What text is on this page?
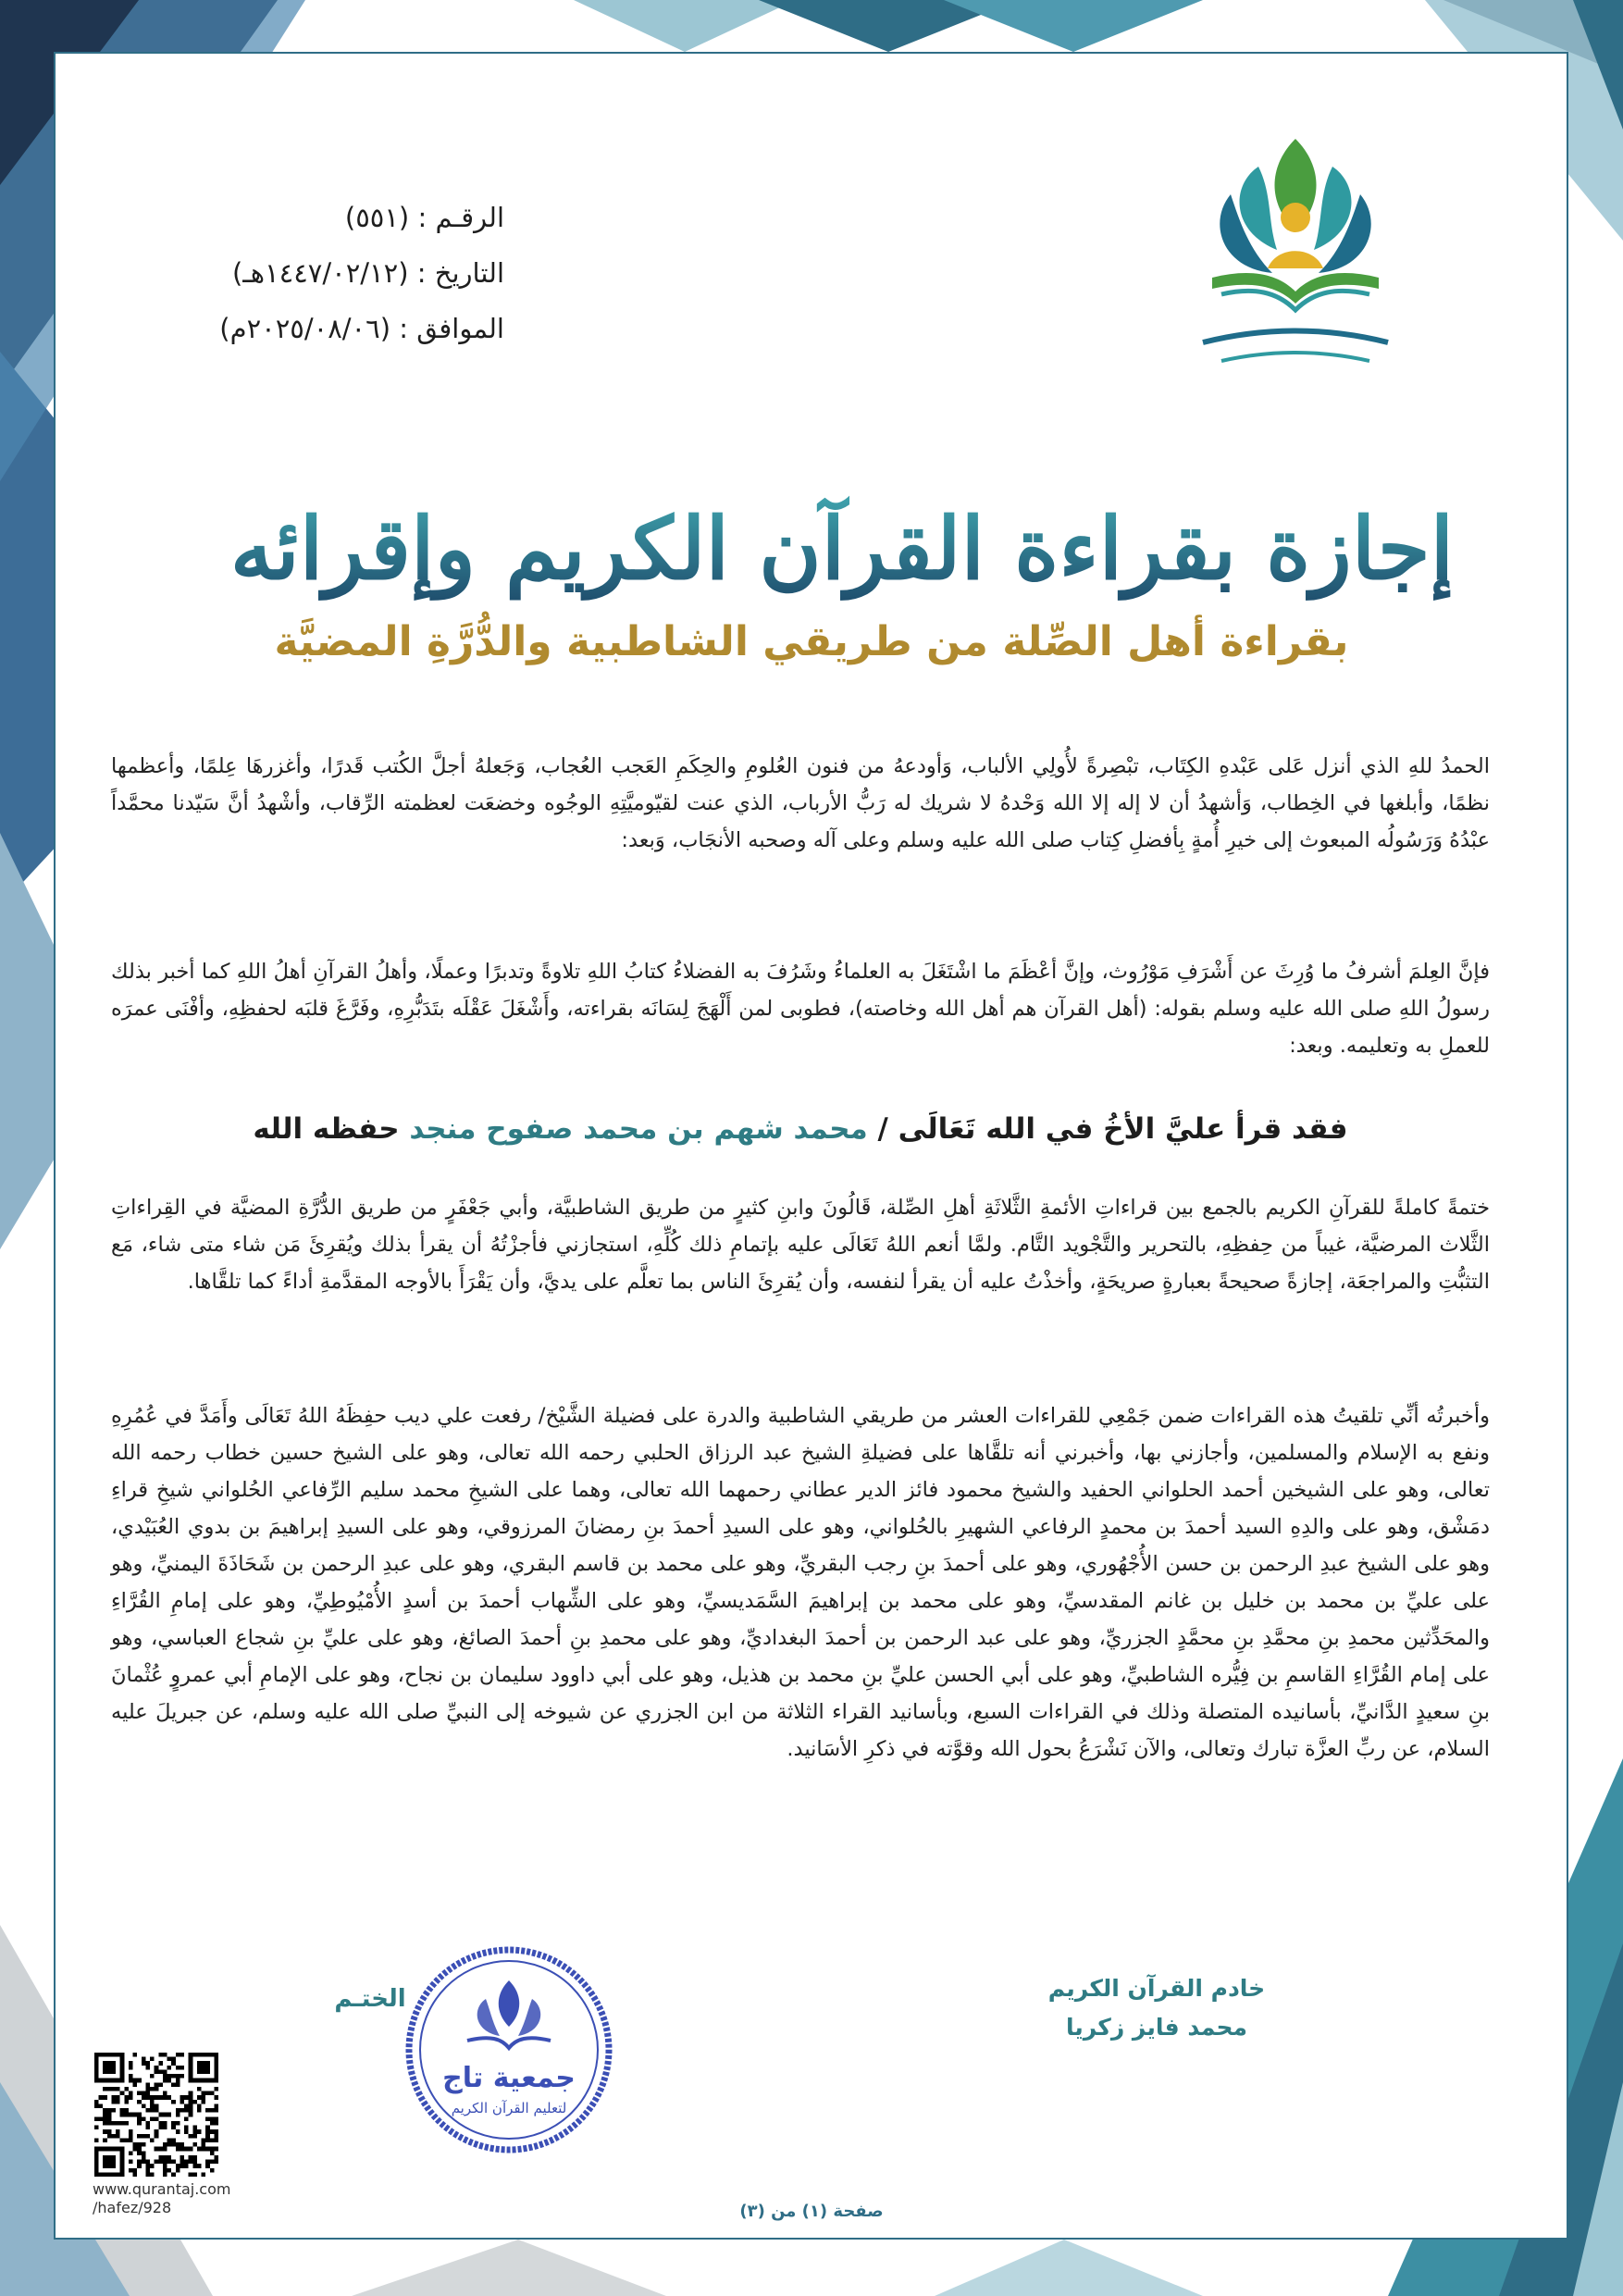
الرقـم : (٥٥١)
التاريخ : (١٤٤٧/٠٢/١٢هـ)
الموافق : (٢٠٢٥/٠٨/٠٦م)
إجازة بقراءة القرآن الكريم وإقرائه
بقراءة أهل الصِّلة من طريقي الشاطبية والدُّرَّةِ المضيَّة
الحمدُ للهِ الذي أنزل عَلى عَبْدهِ الكِتَاب، تبْصِرةً لأُولِي الألباب، وَأودعهُ من فنون العُلومِ والحِكَمِ العَجب العُجاب، وَجَعلهُ أجلَّ الكُتب قَدرًا، وأغزرهَا عِلمًا، وأعظمها نظمًا، وأبلغها في الخِطاب، وَأشهدُ أن لا إله إلا الله وَحْدهُ لا شريك له رَبُّ الأرباب، الذي عنت لقيّوميَّتِهِ الوجُوه وخضعَت لعظمته الرِّقاب، وأشْهدُ أنَّ سَيّدنا محمَّداً عبْدُهُ وَرَسُولُه المبعوث إلى خيرِ أُمةٍ بِأفضلِ كِتاب صلى الله عليه وسلم وعلى آله وصحبه الأنجَاب، وَبعد:
فإنَّ العِلمَ أشرفُ ما وُرِثَ عن أَشْرَفِ مَوْرُوث، وإنَّ أعْظَمَ ما اشْتَغَلَ به العلماءُ وشَرُفَ به الفضلاءُ كتابُ اللهِ تلاوةً وتدبرًا وعملًا، وأهلُ القرآنِ أهلُ اللهِ كما أخبر بذلك رسولُ اللهِ صلى الله عليه وسلم بقوله: (أهل القرآن هم أهل الله وخاصته)، فطوبى لمن أَلْهَجَ لِسَانَه بقراءته، وأَشْغَلَ عَقْلَه بتَدَبُّرِهِ، وفَرَّغَ قلبَه لحفظِهِ، وأفْنَى عمرَه للعملِ به وتعليمه. وبعد:
فقد قرأ عليَّ الأخُ في الله تَعَالَى / محمد شهم بن محمد صفوح منجد حفظه الله
ختمةً كاملةً للقرآنِ الكريم بالجمع بين قراءاتِ الأئمةِ الثَّلاثَةِ أهلِ الصِّلة، قَالُونَ وابنِ كثيرٍ من طريق الشاطبيَّة، وأبي جَعْفَرٍ من طريق الدُّرَّةِ المضيَّة في القِراءاتِ الثَّلاث المرضيَّة، غيباً من حِفظِهِ، بالتحرير والتَّجْويد التَّام. ولمَّا أنعم اللهُ تَعَالَى عليه بإتمامِ ذلك كُلِّهِ، استجازني فأجزْتُهُ أن يقرأ بذلك ويُقرِئَ مَن شاء متى شاء، مَع التثبُّتِ والمراجعَة، إجازةً صحيحةً بعبارةٍ صريحَةٍ، وأخذْتُ عليه أن يقرأ لنفسه، وأن يُقرِئَ الناس بما تعلَّم على يديَّ، وأن يَقْرَأَ بالأوجه المقدَّمةِ أداءً كما تلقَّاها.
وأخبرتُه أنِّي تلقيتُ هذه القراءات ضمن جَمْعِي للقراءات العشر من طريقي الشاطبية والدرة على فضيلة الشَّيْخ/ رفعت علي ديب حفِظَهُ اللهُ تَعَالَى وأَمَدَّ في عُمُرِهِ ونفع به الإسلام والمسلمين، وأجازني بها، وأخبرني أنه تلقَّاها على فضيلةِ الشيخ عبد الرزاق الحلبي رحمه الله تعالى، وهو على الشيخ حسين خطاب رحمه الله تعالى، وهو على الشيخين أحمد الحلواني الحفيد والشيخ محمود فائز الدير عطاني رحمهما الله تعالى، وهما على الشيخِ محمد سليم الرِّفاعي الحُلواني شيخِ قراءِ دمَشْق، وهو على والدِهِ السيد أحمدَ بن محمدٍ الرفاعي الشهيرِ بالحُلواني، وهو على السيدِ أحمدَ بنِ رمضانَ المرزوقي، وهو على السيدِ إبراهيمَ بن بدوي العُبَيْدي، وهو على الشيخ عبدِ الرحمن بن حسن الأُجْهُوري، وهو على أحمدَ بنِ رجب البقريِّ، وهو على محمد بن قاسم البقري، وهو على عبدِ الرحمن بن شَحَاذَةَ اليمنيِّ، وهو على عليِّ بن محمد بن خليل بن غانم المقدسيِّ، وهو على محمد بن إبراهيمَ السَّمَديسيِّ، وهو على الشِّهاب أحمدَ بن أسدٍ الأُمْيُوطِيِّ، وهو على إمامِ القُرَّاءِ والمحَدِّثين محمدِ بنِ محمَّدِ بنِ محمَّدٍ الجزريِّ، وهو على عبد الرحمن بن أحمدَ البغداديِّ، وهو على محمدِ بنِ أحمدَ الصائغ، وهو على عليِّ بنِ شجاع العباسي، وهو على إمام القُرَّاءِ القاسمِ بن فِيُّره الشاطبيِّ، وهو على أبي الحسن عليِّ بنِ محمد بن هذيل، وهو على أبي داوود سليمان بن نجاح، وهو على الإمامِ أبي عمروٍ عُثْمانَ بنِ سعيدٍ الدَّانيِّ، بأسانيده المتصلة وذلك في القراءات السبع، وبأسانيد القراء الثلاثة من ابن الجزري عن شيوخه إلى النبيِّ صلى الله عليه وسلم، عن جبريلَ عليه السلام، عن ربِّ العزَّة تبارك وتعالى، والآن نَشْرَعُ بحول الله وقوَّته في ذكرِ الأسَانيد.
خادم القرآن الكريم
محمد فايز زكريا
الختـم
جمعية تاج
لتعليم القرآن الكريم
www.qurantaj.com
/hafez/928	صفحة (١) من (٣)
